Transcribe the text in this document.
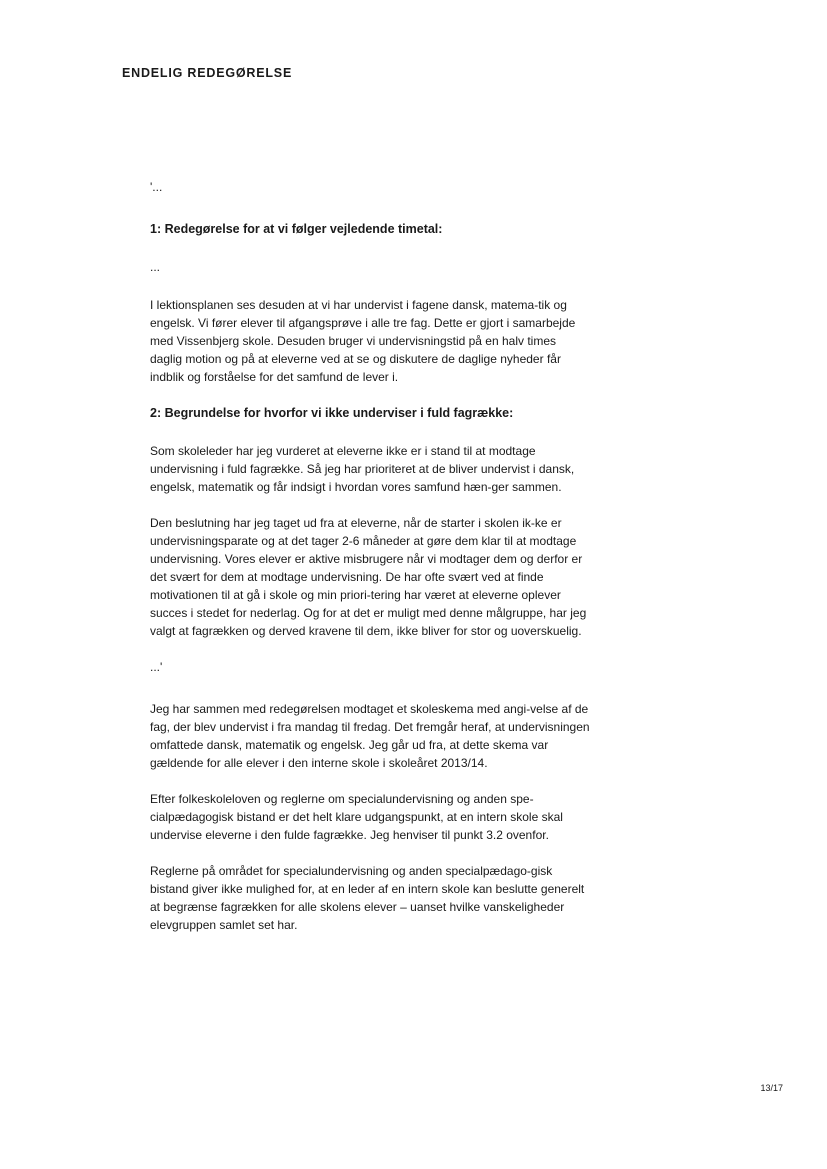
ENDELIG REDEGØRELSE

'...

1: Redegørelse for at vi følger vejledende timetal:

...

I lektionsplanen ses desuden at vi har undervist i fagene dansk, matema-tik og engelsk. Vi fører elever til afgangsprøve i alle tre fag. Dette er gjort i samarbejde med Vissenbjerg skole. Desuden bruger vi undervisningstid på en halv times daglig motion og på at eleverne ved at se og diskutere de daglige nyheder får indblik og forståelse for det samfund de lever i.

2: Begrundelse for hvorfor vi ikke underviser i fuld fagrække:

Som skoleleder har jeg vurderet at eleverne ikke er i stand til at modtage undervisning i fuld fagrække. Så jeg har prioriteret at de bliver undervist i dansk, engelsk, matematik og får indsigt i hvordan vores samfund hæn-ger sammen.

Den beslutning har jeg taget ud fra at eleverne, når de starter i skolen ik-ke er undervisningsparate og at det tager 2-6 måneder at gøre dem klar til at modtage undervisning. Vores elever er aktive misbrugere når vi modtager dem og derfor er det svært for dem at modtage undervisning. De har ofte svært ved at finde motivationen til at gå i skole og min priori-tering har været at eleverne oplever succes i stedet for nederlag. Og for at det er muligt med denne målgruppe, har jeg valgt at fagrækken og derved kravene til dem, ikke bliver for stor og uoverskuelig.

...'

Jeg har sammen med redegørelsen modtaget et skoleskema med angi-velse af de fag, der blev undervist i fra mandag til fredag. Det fremgår heraf, at undervisningen omfattede dansk, matematik og engelsk. Jeg går ud fra, at dette skema var gældende for alle elever i den interne skole i skoleåret 2013/14.

Efter folkeskoleloven og reglerne om specialundervisning og anden spe-cialpædagogisk bistand er det helt klare udgangspunkt, at en intern skole skal undervise eleverne i den fulde fagrække. Jeg henviser til punkt 3.2 ovenfor.

Reglerne på området for specialundervisning og anden specialpædago-gisk bistand giver ikke mulighed for, at en leder af en intern skole kan beslutte generelt at begrænse fagrækken for alle skolens elever – uanset hvilke vanskeligheder elevgruppen samlet set har.

13/17
